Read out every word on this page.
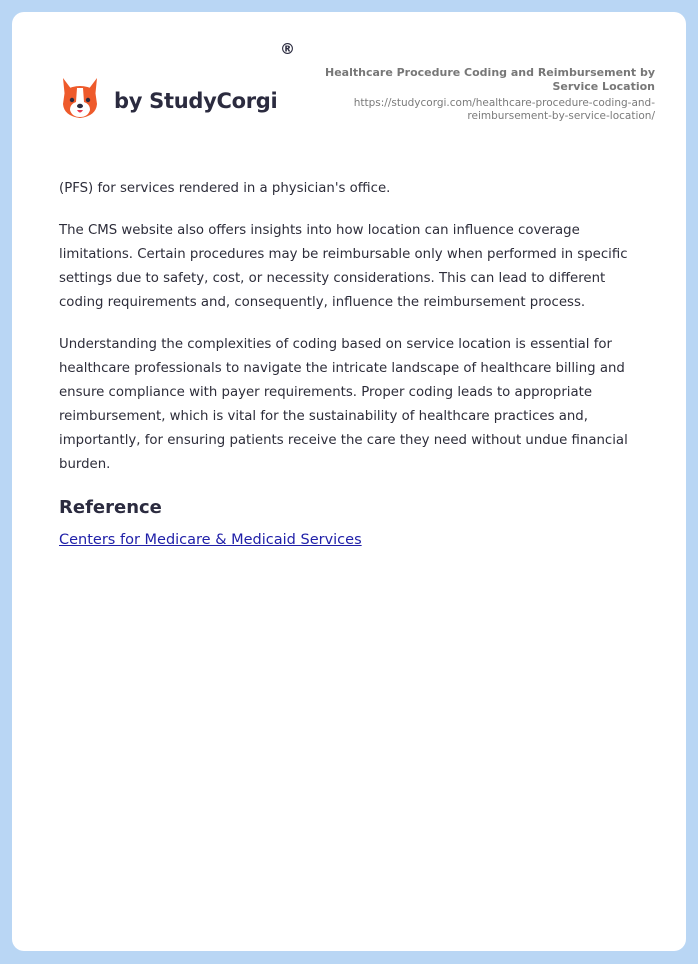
by StudyCorgi
®
Healthcare Procedure Coding and Reimbursement by Service Location
https://studycorgi.com/healthcare-procedure-coding-and-reimbursement-by-service-location/

(PFS) for services rendered in a physician's office.

The CMS website also offers insights into how location can influence coverage limitations. Certain procedures may be reimbursable only when performed in specific settings due to safety, cost, or necessity considerations. This can lead to different coding requirements and, consequently, influence the reimbursement process.

Understanding the complexities of coding based on service location is essential for healthcare professionals to navigate the intricate landscape of healthcare billing and ensure compliance with payer requirements. Proper coding leads to appropriate reimbursement, which is vital for the sustainability of healthcare practices and, importantly, for ensuring patients receive the care they need without undue financial burden.

Reference
Centers for Medicare & Medicaid Services
